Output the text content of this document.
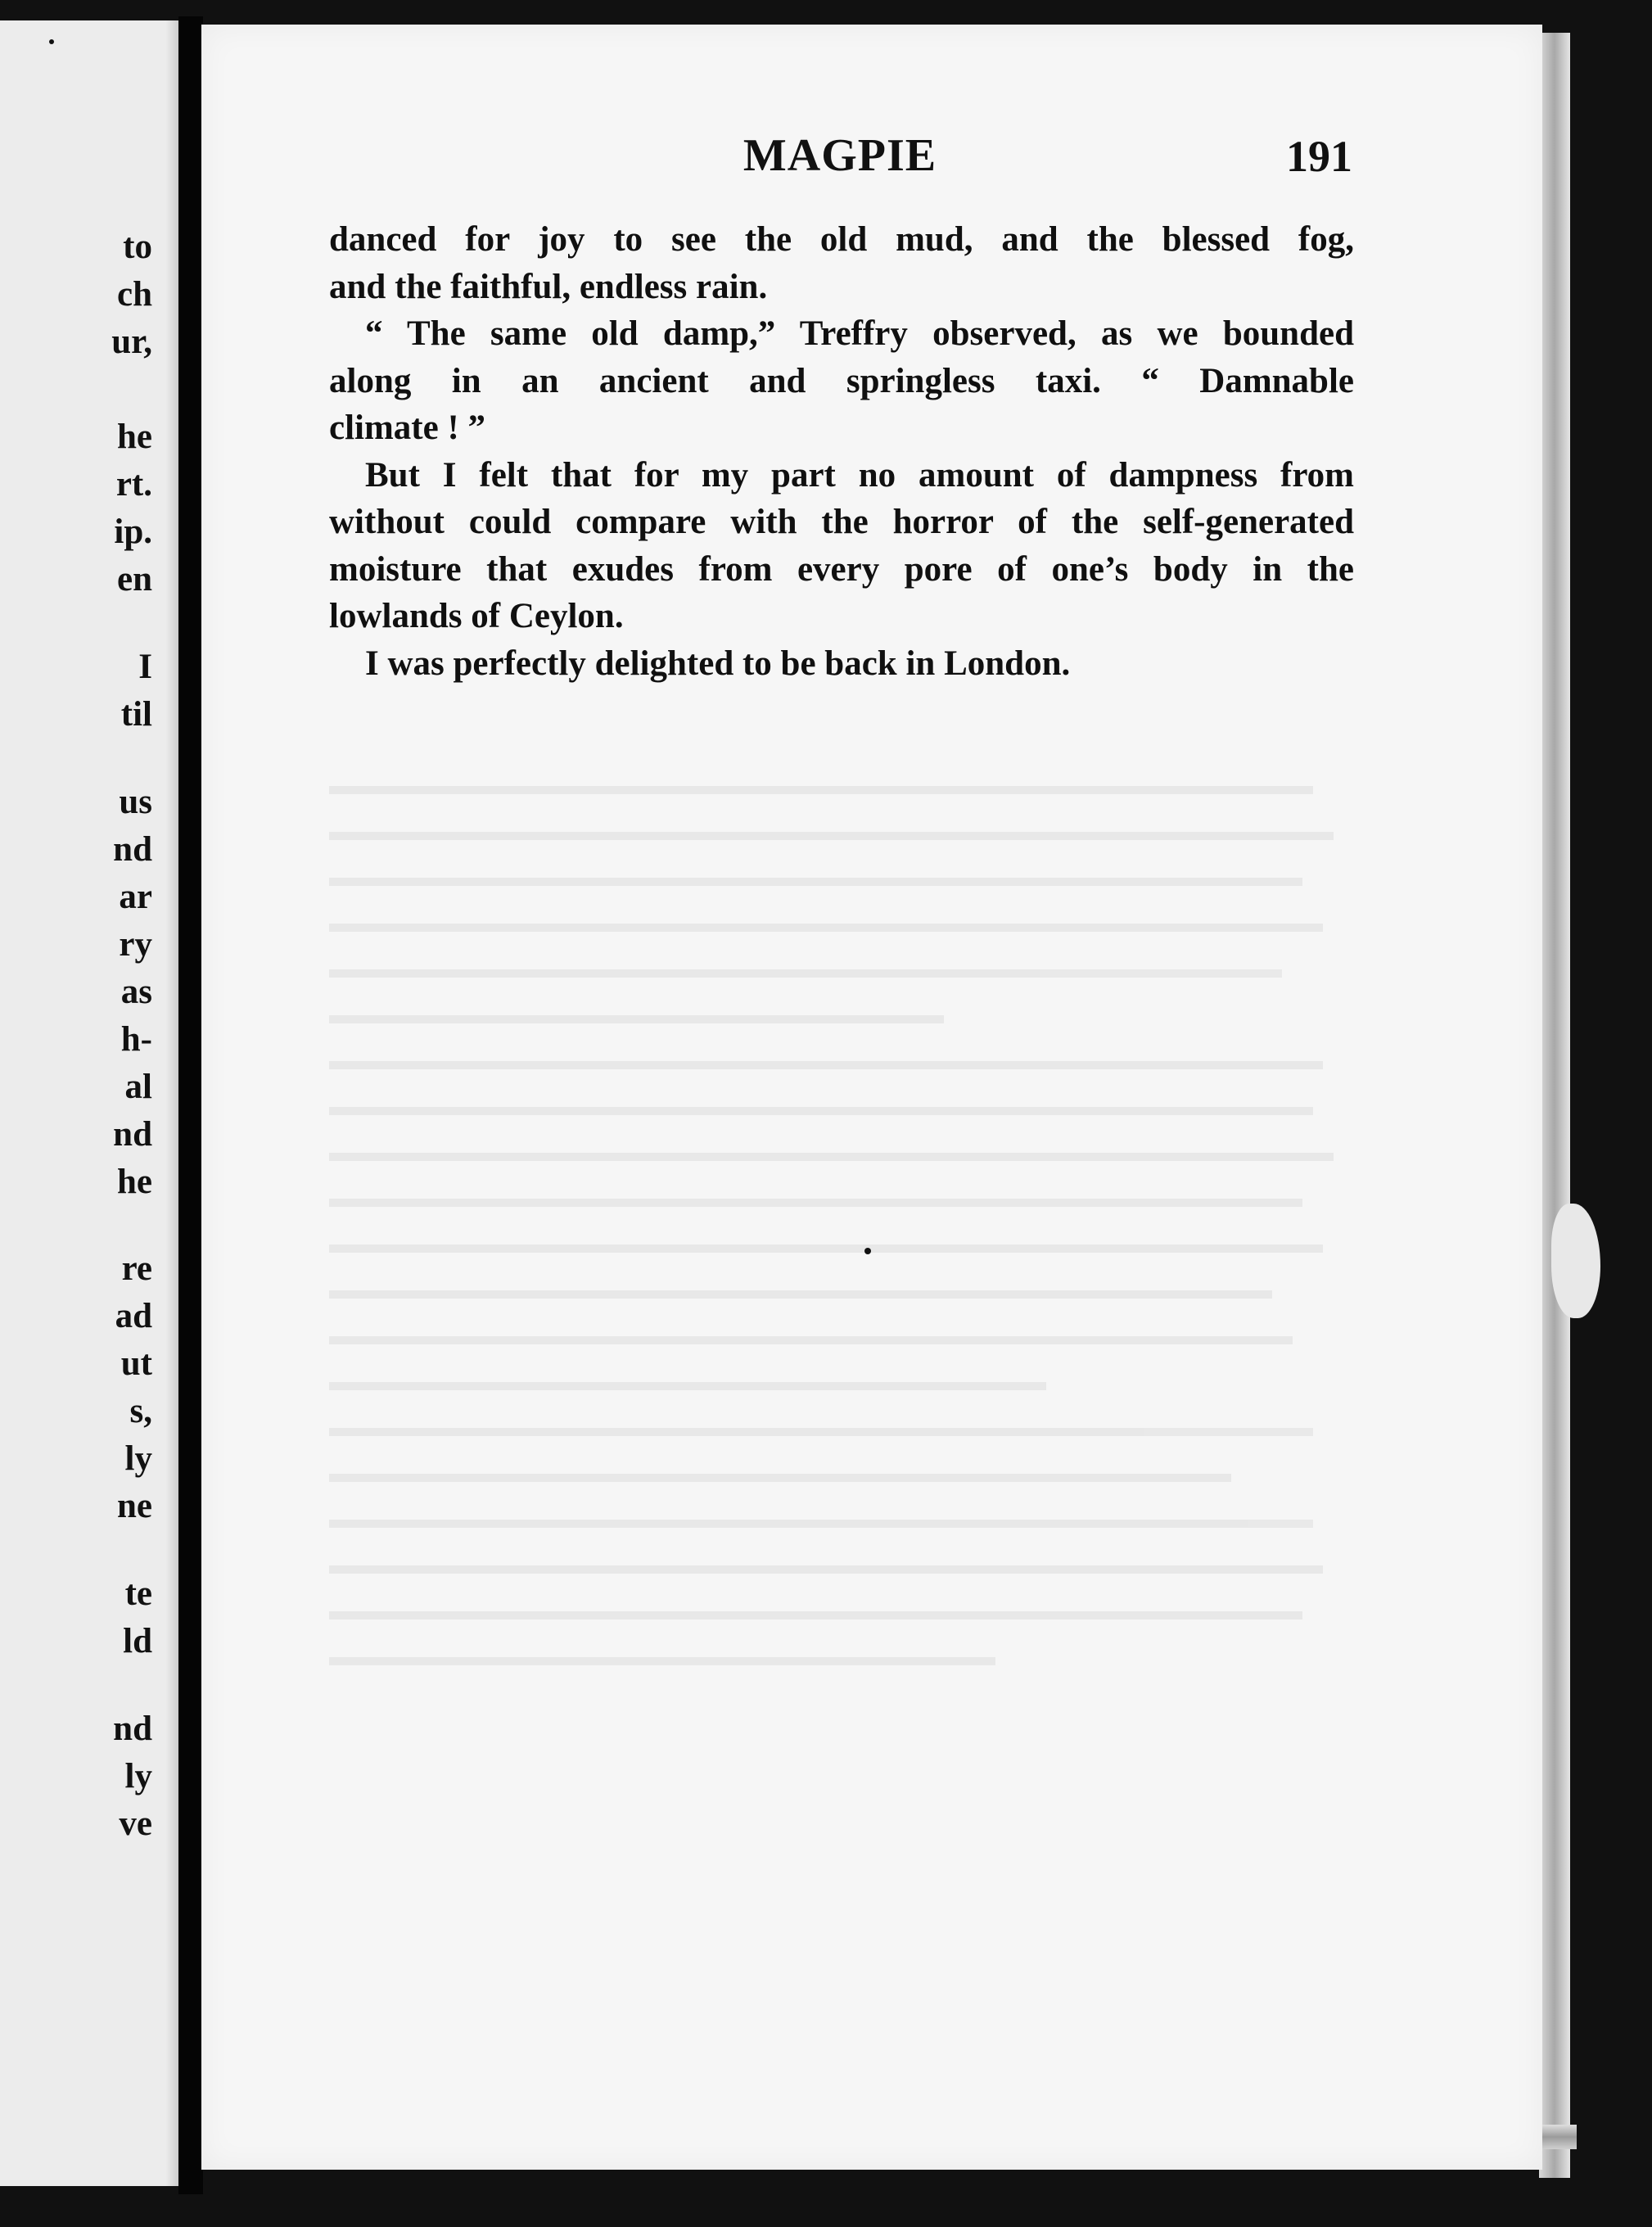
to
ch
ur,
he
rt.
ip.
en
I
til
us
nd
ar
ry
as
h-
al
nd
he
re
ad
ut
s,
ly
ne
te
ld
nd
ly
ve
MAGPIE	191
danced for joy to see the old mud, and the blessed fog,
and the faithful, endless rain.
“ The same old damp,” Treffry observed, as we bounded
along in an ancient and springless taxi. “ Damnable
climate ! ”
But I felt that for my part no amount of dampness from
without could compare with the horror of the self-generated
moisture that exudes from every pore of one’s body in the
lowlands of Ceylon.
I was perfectly delighted to be back in London.
